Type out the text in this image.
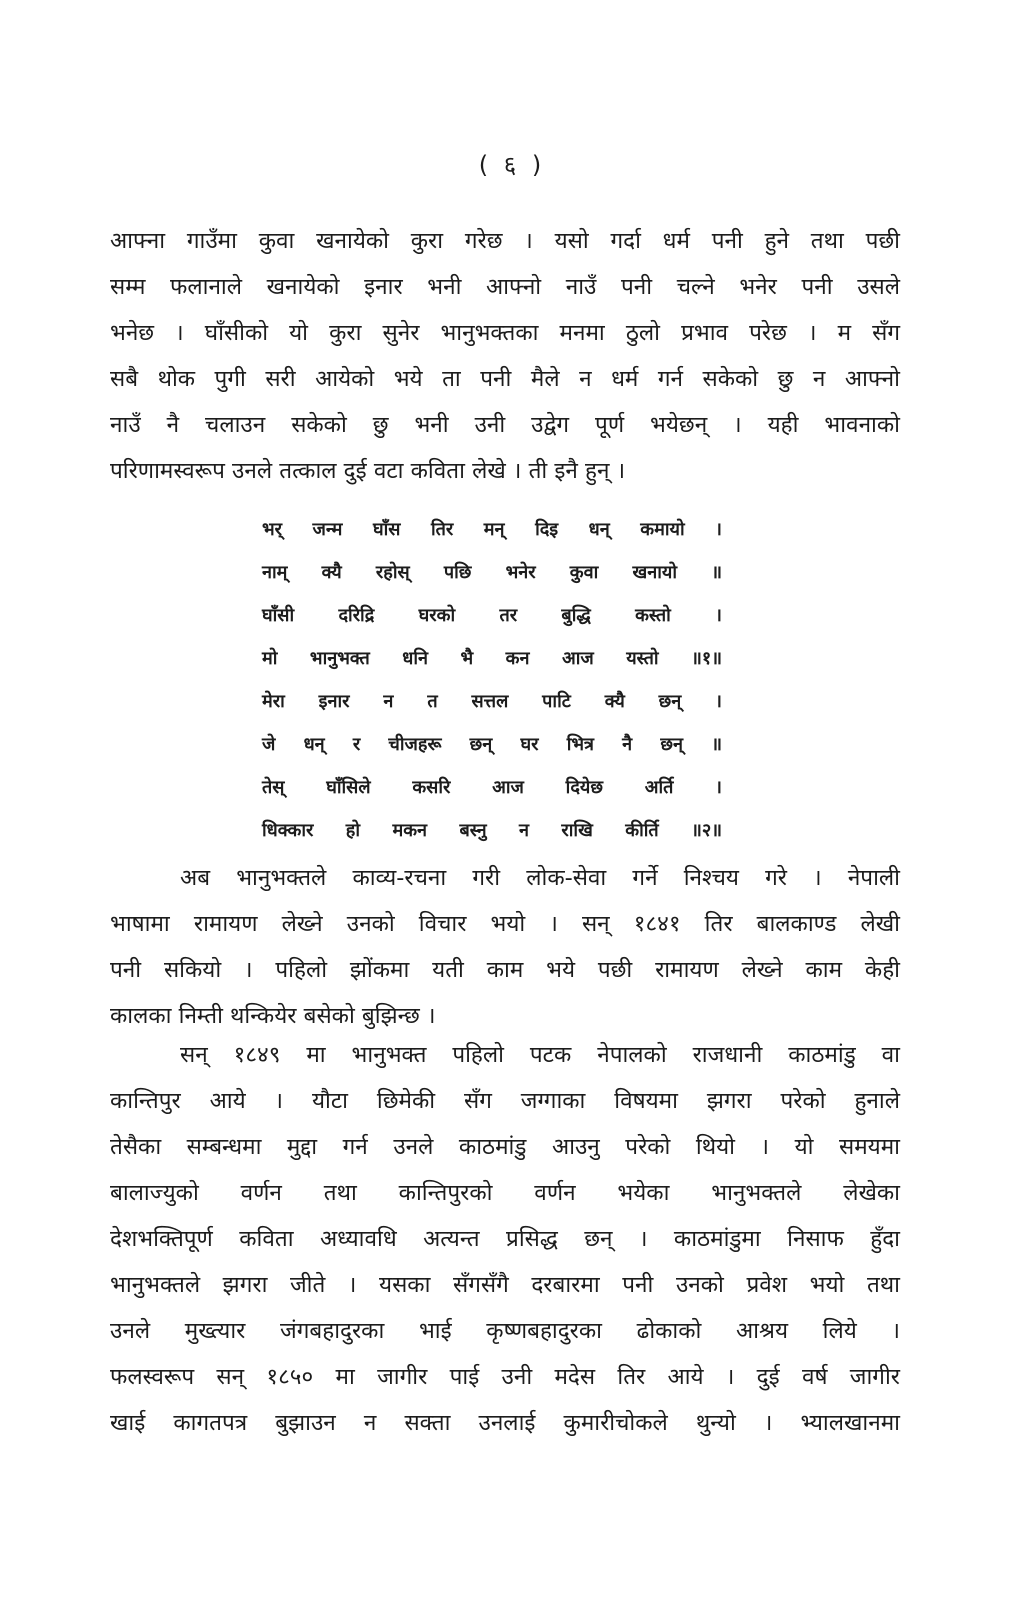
( ६ )

आफ्ना गाउँमा कुवा खनायेको कुरा गरेछ । यसो गर्दा धर्म पनी हुने तथा पछी
सम्म फलानाले खनायेको इनार भनी आफ्नो नाउँ पनी चल्ने भनेर पनी उसले
भनेछ । घाँसीको यो कुरा सुनेर भानुभक्तका मनमा ठुलो प्रभाव परेछ । म सँग
सबै थोक पुगी सरी आयेको भये ता पनी मैले न धर्म गर्न सकेको छु न आफ्नो
नाउँ नै चलाउन सकेको छु भनी उनी उद्वेग पूर्ण भयेछन् । यही भावनाको
परिणामस्वरूप उनले तत्काल दुई वटा कविता लेखे । ती इनै हुन् ।

भर् जन्म घाँस तिर मन् दिइ धन् कमायो ।
नाम् क्यै रहोस् पछि भनेर कुवा खनायो ॥
घाँसी दरिद्रि घरको तर बुद्धि कस्तो ।
मो भानुभक्त धनि भै कन आज यस्तो ॥१॥
मेरा इनार न त सत्तल पाटि क्यै छन् ।
जे धन् र चीजहरू छन् घर भित्र नै छन् ॥
तेस् घाँसिले कसरि आज दियेछ अर्ति ।
धिक्कार हो मकन बस्नु न राखि कीर्ति ॥२॥

अब भानुभक्तले काव्य-रचना गरी लोक-सेवा गर्ने निश्चय गरे । नेपाली
भाषामा रामायण लेख्ने उनको विचार भयो । सन् १८४१ तिर बालकाण्ड लेखी
पनी सकियो । पहिलो झोंकमा यती काम भये पछी रामायण लेख्ने काम केही
कालका निम्ती थन्कियेर बसेको बुझिन्छ ।

सन् १८४९ मा भानुभक्त पहिलो पटक नेपालको राजधानी काठमांडु वा
कान्तिपुर आये । यौटा छिमेकी सँग जग्गाका विषयमा झगरा परेको हुनाले
तेसैका सम्बन्धमा मुद्दा गर्न उनले काठमांडु आउनु परेको थियो । यो समयमा
बालाज्युको वर्णन तथा कान्तिपुरको वर्णन भयेका भानुभक्तले लेखेका
देशभक्तिपूर्ण कविता अध्यावधि अत्यन्त प्रसिद्ध छन् । काठमांडुमा निसाफ हुँदा
भानुभक्तले झगरा जीते । यसका सँगसँगै दरबारमा पनी उनको प्रवेश भयो तथा
उनले मुख्त्यार जंगबहादुरका भाई कृष्णबहादुरका ढोकाको आश्रय लिये ।
फलस्वरूप सन् १८५० मा जागीर पाई उनी मदेस तिर आये । दुई वर्ष जागीर
खाई कागतपत्र बुझाउन न सक्ता उनलाई कुमारीचोकले थुन्यो । भ्यालखानमा
